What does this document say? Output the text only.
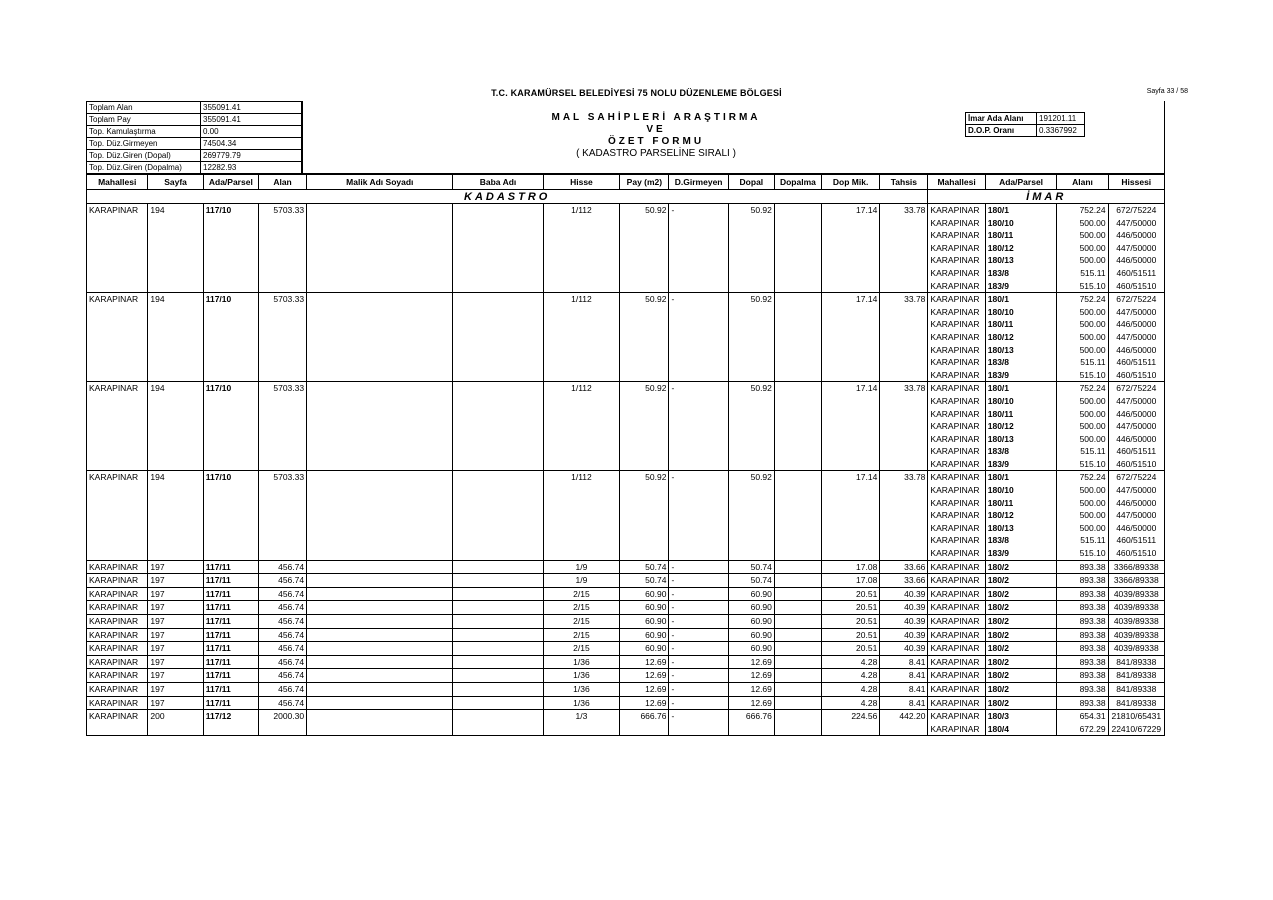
T.C. KARAMÜRSEL BELEDİYESİ 75 NOLU DÜZENLEME BÖLGESİ	Sayfa 33 / 58
Toplam Alan	355091.41
Toplam Pay	355091.41
Top. Kamulaştırma	0.00
Top. Düz.Girmeyen	74504.34
Top. Düz.Giren (Dopal)	269779.79
Top. Düz.Giren (Dopalma)	12282.93
MAL SAHİPLERİ ARAŞTIRMA
VE
ÖZET FORMU
( KADASTRO PARSELİNE SIRALI )
İmar Ada Alanı	191201.11
D.O.P. Oranı	0.3367992
KADASTRO													İMAR			
Mahallesi	Sayfa	Ada/Parsel	Alan	Malik Adı Soyadı	Baba Adı	Hisse	Pay (m2)	D.Girmeyen	Dopal	Dopalma	Dop Mik.	Tahsis	Mahallesi	Ada/Parsel	Alanı	Hissesi
KARAPINAR	194	117/10	5703.33			1/112	50.92	-	50.92		17.14	33.78	KARAPINAR	180/1	752.24	672/75224
													KARAPINAR	180/10	500.00	447/50000
													KARAPINAR	180/11	500.00	446/50000
													KARAPINAR	180/12	500.00	447/50000
													KARAPINAR	180/13	500.00	446/50000
													KARAPINAR	183/8	515.11	460/51511
													KARAPINAR	183/9	515.10	460/51510
KARAPINAR	194	117/10	5703.33			1/112	50.92	-	50.92		17.14	33.78	KARAPINAR	180/1	752.24	672/75224
													KARAPINAR	180/10	500.00	447/50000
													KARAPINAR	180/11	500.00	446/50000
													KARAPINAR	180/12	500.00	447/50000
													KARAPINAR	180/13	500.00	446/50000
													KARAPINAR	183/8	515.11	460/51511
													KARAPINAR	183/9	515.10	460/51510
KARAPINAR	194	117/10	5703.33			1/112	50.92	-	50.92		17.14	33.78	KARAPINAR	180/1	752.24	672/75224
													KARAPINAR	180/10	500.00	447/50000
													KARAPINAR	180/11	500.00	446/50000
													KARAPINAR	180/12	500.00	447/50000
													KARAPINAR	180/13	500.00	446/50000
													KARAPINAR	183/8	515.11	460/51511
													KARAPINAR	183/9	515.10	460/51510
KARAPINAR	194	117/10	5703.33			1/112	50.92	-	50.92		17.14	33.78	KARAPINAR	180/1	752.24	672/75224
													KARAPINAR	180/10	500.00	447/50000
													KARAPINAR	180/11	500.00	446/50000
													KARAPINAR	180/12	500.00	447/50000
													KARAPINAR	180/13	500.00	446/50000
													KARAPINAR	183/8	515.11	460/51511
													KARAPINAR	183/9	515.10	460/51510
KARAPINAR	197	117/11	456.74			1/9	50.74	-	50.74		17.08	33.66	KARAPINAR	180/2	893.38	3366/89338
KARAPINAR	197	117/11	456.74			1/9	50.74	-	50.74		17.08	33.66	KARAPINAR	180/2	893.38	3366/89338
KARAPINAR	197	117/11	456.74			2/15	60.90	-	60.90		20.51	40.39	KARAPINAR	180/2	893.38	4039/89338
KARAPINAR	197	117/11	456.74			2/15	60.90	-	60.90		20.51	40.39	KARAPINAR	180/2	893.38	4039/89338
KARAPINAR	197	117/11	456.74			2/15	60.90	-	60.90		20.51	40.39	KARAPINAR	180/2	893.38	4039/89338
KARAPINAR	197	117/11	456.74			2/15	60.90	-	60.90		20.51	40.39	KARAPINAR	180/2	893.38	4039/89338
KARAPINAR	197	117/11	456.74			2/15	60.90	-	60.90		20.51	40.39	KARAPINAR	180/2	893.38	4039/89338
KARAPINAR	197	117/11	456.74			1/36	12.69	-	12.69		4.28	8.41	KARAPINAR	180/2	893.38	841/89338
KARAPINAR	197	117/11	456.74			1/36	12.69	-	12.69		4.28	8.41	KARAPINAR	180/2	893.38	841/89338
KARAPINAR	197	117/11	456.74			1/36	12.69	-	12.69		4.28	8.41	KARAPINAR	180/2	893.38	841/89338
KARAPINAR	197	117/11	456.74			1/36	12.69	-	12.69		4.28	8.41	KARAPINAR	180/2	893.38	841/89338
KARAPINAR	200	117/12	2000.30			1/3	666.76	-	666.76		224.56	442.20	KARAPINAR	180/3	654.31	21810/65431
													KARAPINAR	180/4	672.29	22410/67229
